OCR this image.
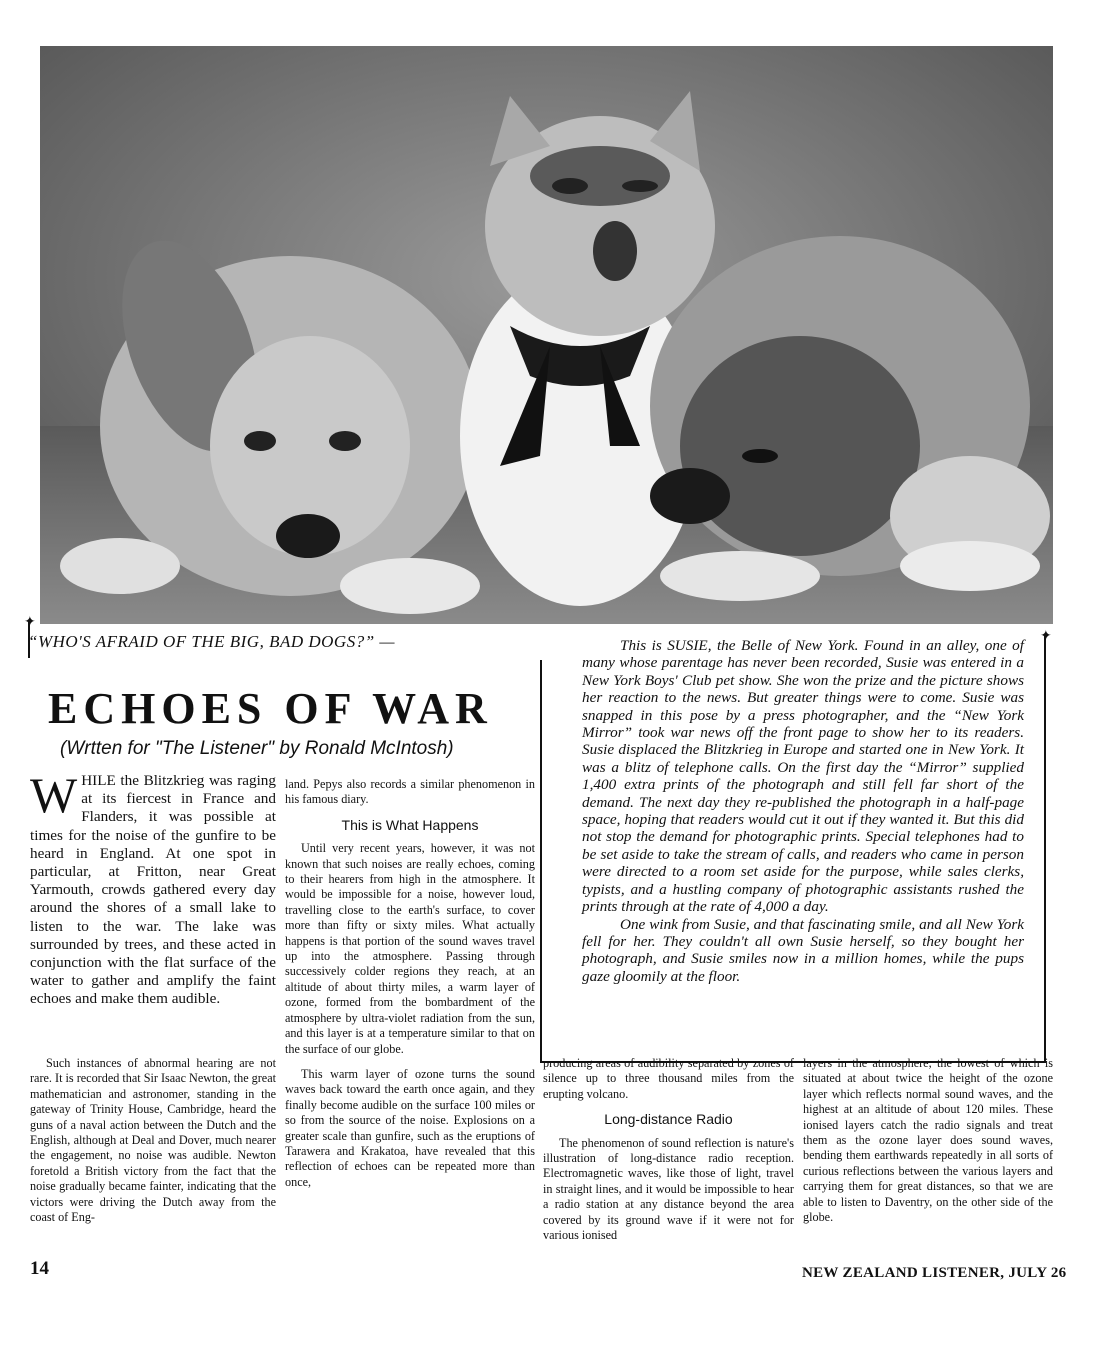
✦
“WHO'S AFRAID OF THE BIG, BAD DOGS?” —	✦

This is SUSIE, the Belle of New York. Found in an alley, one of many whose parentage has never been recorded, Susie was entered in a New York Boys' Club pet show. She won the prize and the picture shows her reaction to the news. But greater things were to come. Susie was snapped in this pose by a press photographer, and the “New York Mirror” took war news off the front page to show her to its readers. Susie displaced the Blitzkrieg in Europe and started one in New York. It was a blitz of telephone calls. On the first day the “Mirror” supplied 1,400 extra prints of the photograph and still fell far short of the demand. The next day they re-published the photograph in a half-page space, hoping that readers would cut it out if they wanted it. But this did not stop the demand for photographic prints. Special telephones had to be set aside to take the stream of calls, and readers who came in person were directed to a room set aside for the purpose, while sales clerks, typists, and a hustling company of photographic assistants rushed the prints through at the rate of 4,000 a day.

One wink from Susie, and that fascinating smile, and all New York fell for her. They couldn't all own Susie herself, so they bought her photograph, and Susie smiles now in a million homes, while the pups gaze gloomily at the floor.

ECHOES OF WAR
(Wrtten for "The Listener" by Ronald McIntosh)

WHILE the Blitzkrieg was raging at its fiercest in France and Flanders, it was possible at times for the noise of the gunfire to be heard in England. At one spot in particular, at Fritton, near Great Yarmouth, crowds gathered every day around the shores of a small lake to listen to the war. The lake was surrounded by trees, and these acted in conjunction with the flat surface of the water to gather and amplify the faint echoes and make them audible.

Such instances of abnormal hearing are not rare. It is recorded that Sir Isaac Newton, the great mathematician and astronomer, standing in the gateway of Trinity House, Cambridge, heard the guns of a naval action between the Dutch and the English, although at Deal and Dover, much nearer the engagement, no noise was audible. Newton foretold a British victory from the fact that the noise gradually became fainter, indicating that the victors were driving the Dutch away from the coast of Eng-

land. Pepys also records a similar phenomenon in his famous diary.

This is What Happens

Until very recent years, however, it was not known that such noises are really echoes, coming to their hearers from high in the atmosphere. It would be impossible for a noise, however loud, travelling close to the earth's surface, to cover more than fifty or sixty miles. What actually happens is that portion of the sound waves travel up into the atmosphere. Passing through successively colder regions they reach, at an altitude of about thirty miles, a warm layer of ozone, formed from the bombardment of the atmosphere by ultra-violet radiation from the sun, and this layer is at a temperature similar to that on the surface of our globe.

This warm layer of ozone turns the sound waves back toward the earth once again, and they finally become audible on the surface 100 miles or so from the source of the noise. Explosions on a greater scale than gunfire, such as the eruptions of Tarawera and Krakatoa, have revealed that this reflection of echoes can be repeated more than once,

producing areas of audibility separated by zones of silence up to three thousand miles from the erupting volcano.

Long-distance Radio

The phenomenon of sound reflection is nature's illustration of long-distance radio reception. Electromagnetic waves, like those of light, travel in straight lines, and it would be impossible to hear a radio station at any distance beyond the area covered by its ground wave if it were not for various ionised

layers in the atmosphere, the lowest of which is situated at about twice the height of the ozone layer which reflects normal sound waves, and the highest at an altitude of about 120 miles. These ionised layers catch the radio signals and treat them as the ozone layer does sound waves, bending them earthwards repeatedly in all sorts of curious reflections between the various layers and carrying them for great distances, so that we are able to listen to Daventry, on the other side of the globe.

14	NEW ZEALAND LISTENER, JULY 26
